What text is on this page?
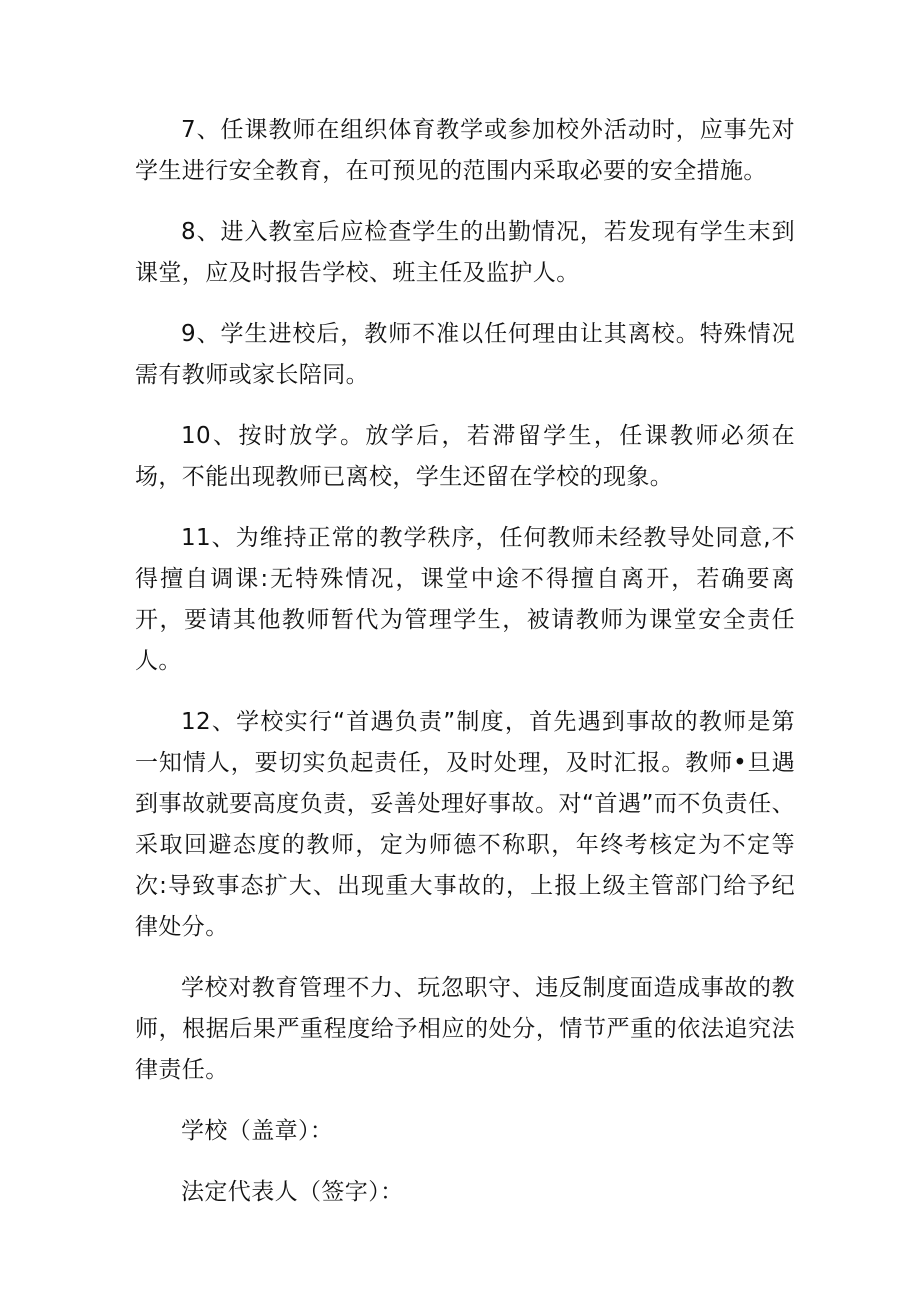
7、任课教师在组织体育教学或参加校外活动时，应事先对学生进行安全教育，在可预见的范围内采取必要的安全措施。

8、进入教室后应检查学生的出勤情况，若发现有学生末到课堂，应及时报告学校、班主任及监护人。

9、学生进校后，教师不准以任何理由让其离校。特殊情况需有教师或家长陪同。

10、按时放学。放学后，若滞留学生，任课教师必须在场，不能出现教师已离校，学生还留在学校的现象。

11、为维持正常的教学秩序，任何教师未经教导处同意,不得擅自调课:无特殊情况，课堂中途不得擅自离开，若确要离开，要请其他教师暂代为管理学生，被请教师为课堂安全责任人。

12、学校实行“首遇负责”制度，首先遇到事故的教师是第一知情人，要切实负起责任，及时处理，及时汇报。教师•旦遇到事故就要高度负责，妥善处理好事故。对“首遇”而不负责任、采取回避态度的教师，定为师德不称职，年终考核定为不定等次:导致事态扩大、出现重大事故的，上报上级主管部门给予纪律处分。

学校对教育管理不力、玩忽职守、违反制度面造成事故的教师，根据后果严重程度给予相应的处分，情节严重的依法追究法律责任。

学校（盖章）：

法定代表人（签字）：
